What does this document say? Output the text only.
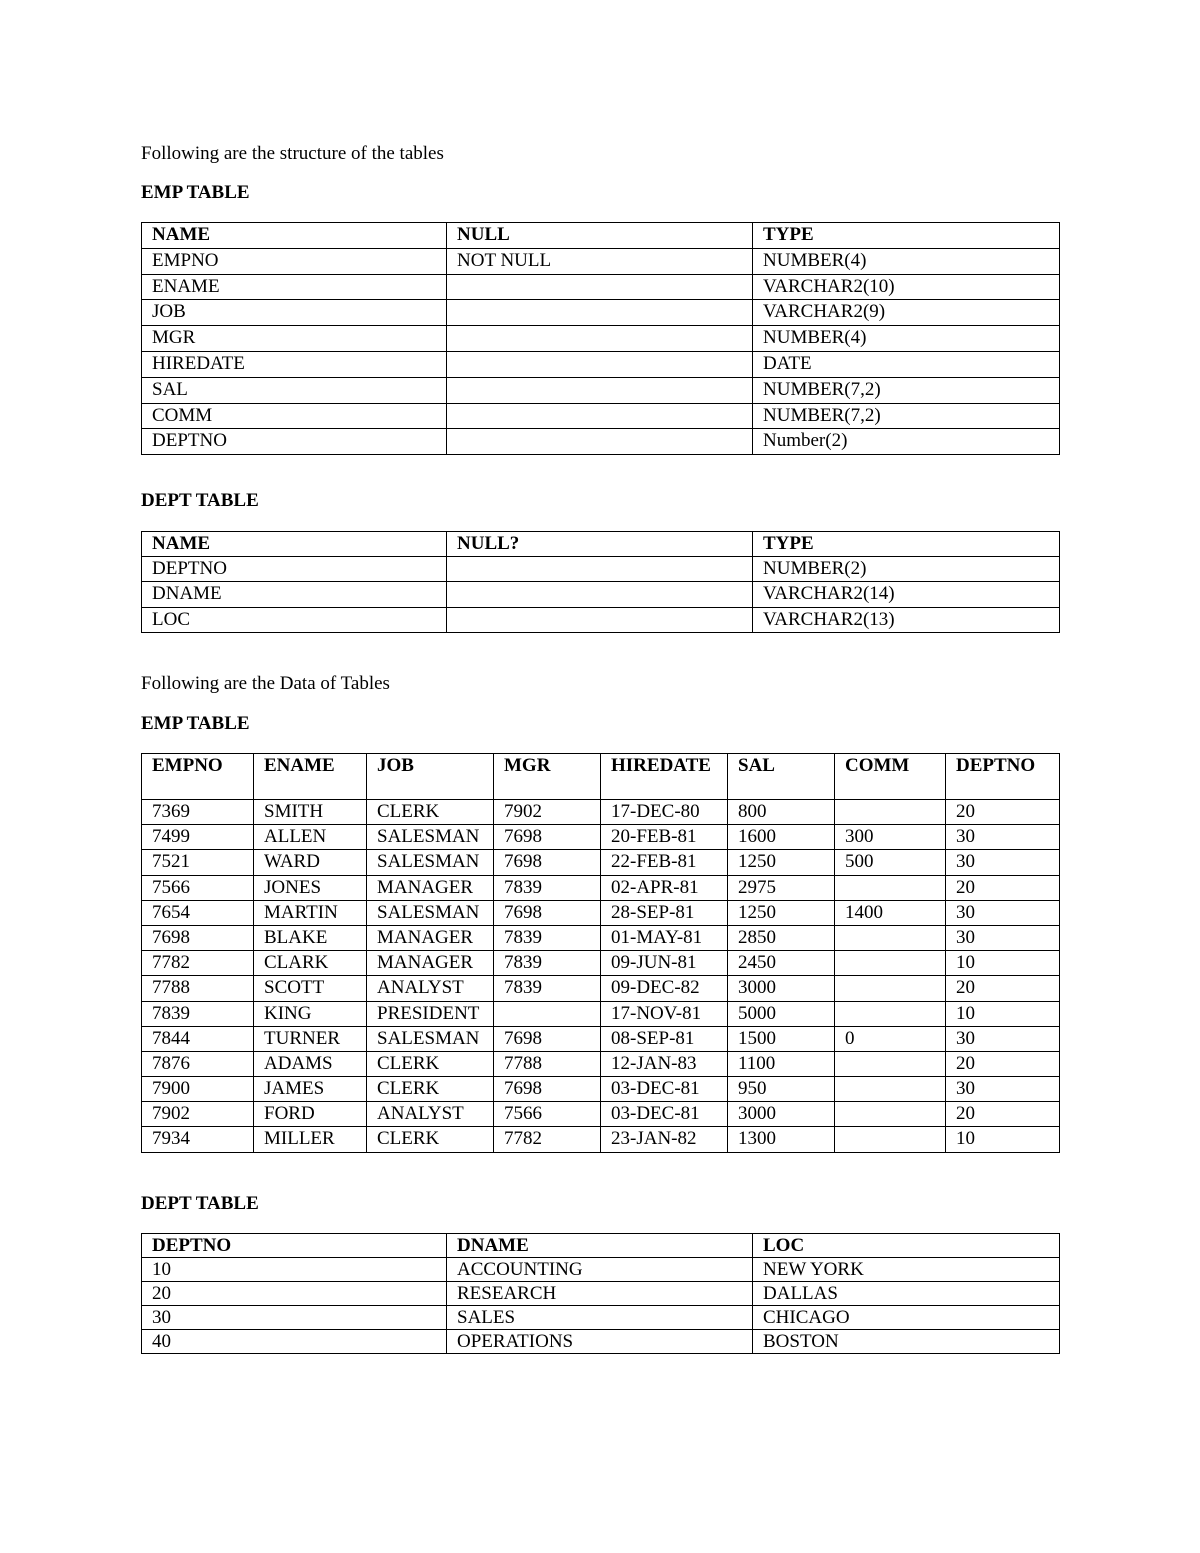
Following are the structure of the tables
EMP TABLE
NAME	NULL	TYPE
EMPNO	NOT NULL	NUMBER(4)
ENAME		VARCHAR2(10)
JOB		VARCHAR2(9)
MGR		NUMBER(4)
HIREDATE		DATE
SAL		NUMBER(7,2)
COMM		NUMBER(7,2)
DEPTNO		Number(2)
DEPT TABLE
NAME	NULL?	TYPE
DEPTNO		NUMBER(2)
DNAME		VARCHAR2(14)
LOC		VARCHAR2(13)
Following are the Data of Tables
EMP TABLE
EMPNO	ENAME	JOB	MGR	HIREDATE	SAL	COMM	DEPTNO
7369	SMITH	CLERK	7902	17-DEC-80	800		20
7499	ALLEN	SALESMAN	7698	20-FEB-81	1600	300	30
7521	WARD	SALESMAN	7698	22-FEB-81	1250	500	30
7566	JONES	MANAGER	7839	02-APR-81	2975		20
7654	MARTIN	SALESMAN	7698	28-SEP-81	1250	1400	30
7698	BLAKE	MANAGER	7839	01-MAY-81	2850		30
7782	CLARK	MANAGER	7839	09-JUN-81	2450		10
7788	SCOTT	ANALYST	7839	09-DEC-82	3000		20
7839	KING	PRESIDENT		17-NOV-81	5000		10
7844	TURNER	SALESMAN	7698	08-SEP-81	1500	0	30
7876	ADAMS	CLERK	7788	12-JAN-83	1100		20
7900	JAMES	CLERK	7698	03-DEC-81	950		30
7902	FORD	ANALYST	7566	03-DEC-81	3000		20
7934	MILLER	CLERK	7782	23-JAN-82	1300		10
DEPT TABLE
DEPTNO	DNAME	LOC
10	ACCOUNTING	NEW YORK
20	RESEARCH	DALLAS
30	SALES	CHICAGO
40	OPERATIONS	BOSTON
